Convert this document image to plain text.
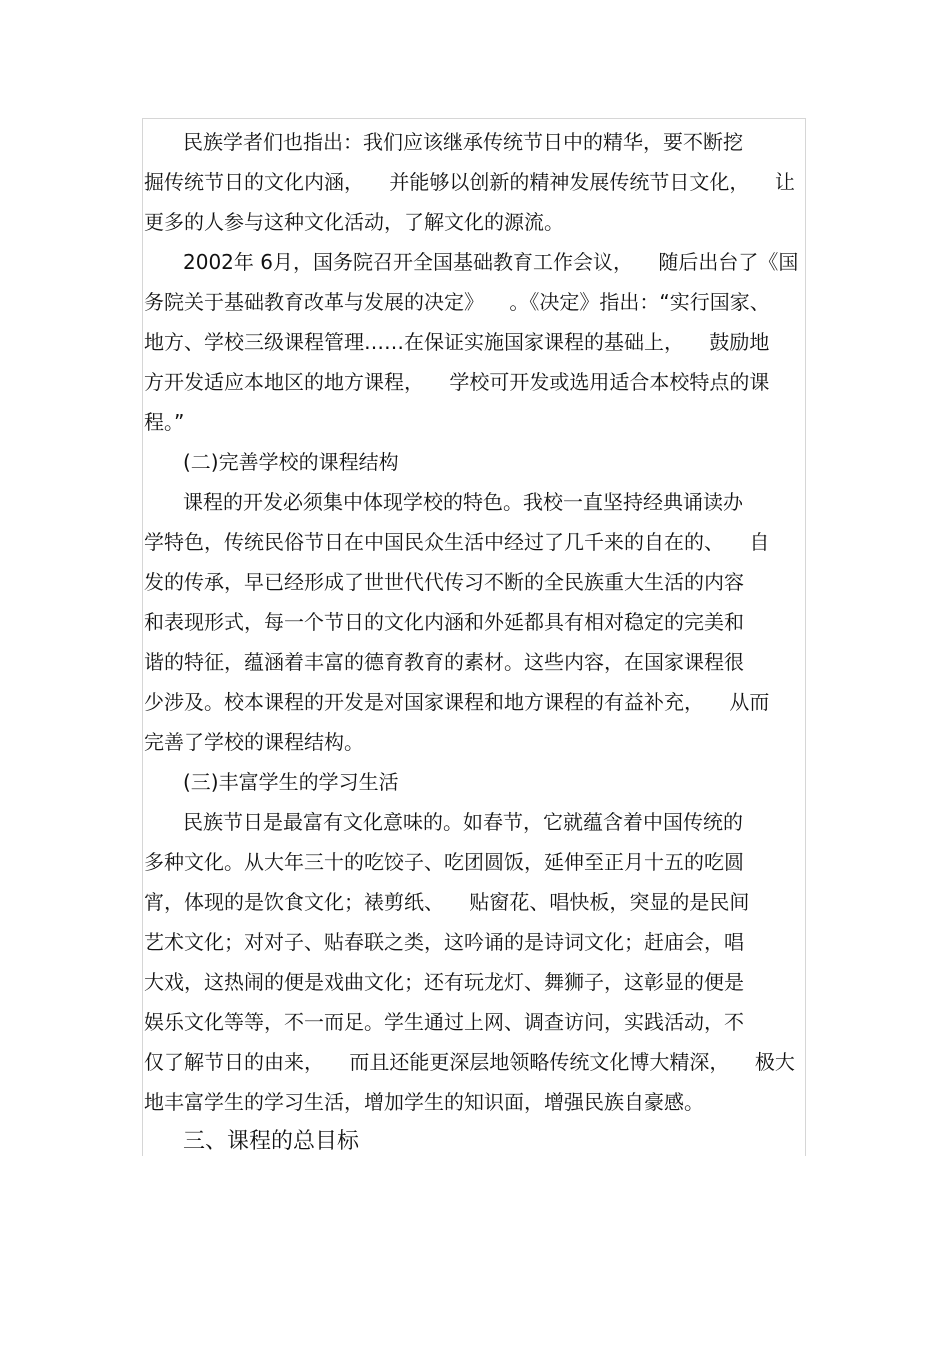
民族学者们也指出：我们应该继承传统节日中的精华，要不断挖
掘传统节日的文化内涵，    并能够以创新的精神发展传统节日文化，    让
更多的人参与这种文化活动，了解文化的源流。
2002年 6月，国务院召开全国基础教育工作会议，    随后出台了《国
务院关于基础教育改革与发展的决定》    。《决定》指出：“实行国家、
地方、学校三级课程管理……在保证实施国家课程的基础上，    鼓励地
方开发适应本地区的地方课程，    学校可开发或选用适合本校特点的课
程。”
(二)完善学校的课程结构
课程的开发必须集中体现学校的特色。我校一直坚持经典诵读办
学特色，传统民俗节日在中国民众生活中经过了几千来的自在的、    自
发的传承，早已经形成了世世代代传习不断的全民族重大生活的内容
和表现形式，每一个节日的文化内涵和外延都具有相对稳定的完美和
谐的特征，蕴涵着丰富的德育教育的素材。这些内容，在国家课程很
少涉及。校本课程的开发是对国家课程和地方课程的有益补充，    从而
完善了学校的课程结构。
(三)丰富学生的学习生活
民族节日是最富有文化意味的。如春节，它就蕴含着中国传统的
多种文化。从大年三十的吃饺子、吃团圆饭，延伸至正月十五的吃圆
宵，体现的是饮食文化；裱剪纸、    贴窗花、唱快板，突显的是民间
艺术文化；对对子、贴春联之类，这吟诵的是诗词文化；赶庙会，唱
大戏，这热闹的便是戏曲文化；还有玩龙灯、舞狮子，这彰显的便是
娱乐文化等等，不一而足。学生通过上网、调查访问，实践活动，不
仅了解节日的由来，    而且还能更深层地领略传统文化博大精深，    极大
地丰富学生的学习生活，增加学生的知识面，增强民族自豪感。
三、课程的总目标
